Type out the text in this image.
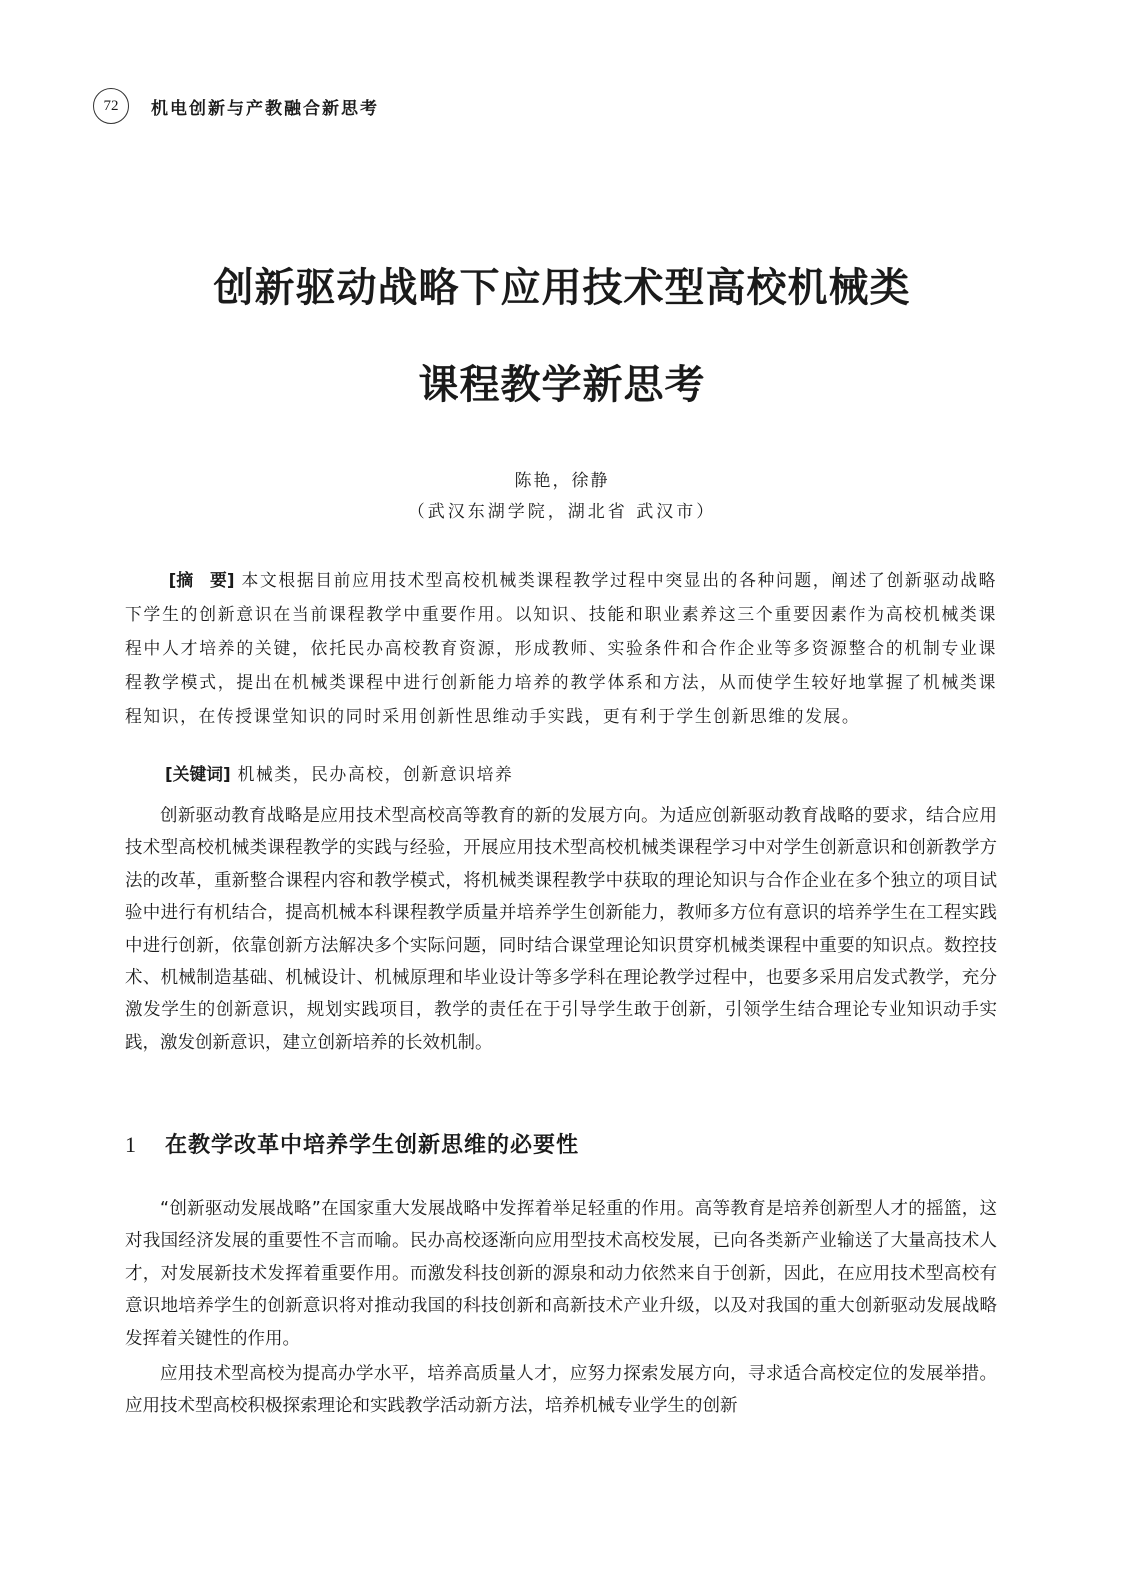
72	机电创新与产教融合新思考
创新驱动战略下应用技术型高校机械类
课程教学新思考
陈艳，徐静
（武汉东湖学院，湖北省 武汉市）
[摘　要] 本文根据目前应用技术型高校机械类课程教学过程中突显出的各种问题，阐述了创新驱动战略下学生的创新意识在当前课程教学中重要作用。以知识、技能和职业素养这三个重要因素作为高校机械类课程中人才培养的关键，依托民办高校教育资源，形成教师、实验条件和合作企业等多资源整合的机制专业课程教学模式，提出在机械类课程中进行创新能力培养的教学体系和方法，从而使学生较好地掌握了机械类课程知识，在传授课堂知识的同时采用创新性思维动手实践，更有利于学生创新思维的发展。
[关键词] 机械类，民办高校，创新意识培养

创新驱动教育战略是应用技术型高校高等教育的新的发展方向。为适应创新驱动教育战略的要求，结合应用技术型高校机械类课程教学的实践与经验，开展应用技术型高校机械类课程学习中对学生创新意识和创新教学方法的改革，重新整合课程内容和教学模式，将机械类课程教学中获取的理论知识与合作企业在多个独立的项目试验中进行有机结合，提高机械本科课程教学质量并培养学生创新能力，教师多方位有意识的培养学生在工程实践中进行创新，依靠创新方法解决多个实际问题，同时结合课堂理论知识贯穿机械类课程中重要的知识点。数控技术、机械制造基础、机械设计、机械原理和毕业设计等多学科在理论教学过程中，也要多采用启发式教学，充分激发学生的创新意识，规划实践项目，教学的责任在于引导学生敢于创新，引领学生结合理论专业知识动手实践，激发创新意识，建立创新培养的长效机制。

1	在教学改革中培养学生创新思维的必要性

“创新驱动发展战略”在国家重大发展战略中发挥着举足轻重的作用。高等教育是培养创新型人才的摇篮，这对我国经济发展的重要性不言而喻。民办高校逐渐向应用型技术高校发展，已向各类新产业输送了大量高技术人才，对发展新技术发挥着重要作用。而激发科技创新的源泉和动力依然来自于创新，因此，在应用技术型高校有意识地培养学生的创新意识将对推动我国的科技创新和高新技术产业升级，以及对我国的重大创新驱动发展战略发挥着关键性的作用。

应用技术型高校为提高办学水平，培养高质量人才，应努力探索发展方向，寻求适合高校定位的发展举措。应用技术型高校积极探索理论和实践教学活动新方法，培养机械专业学生的创新
